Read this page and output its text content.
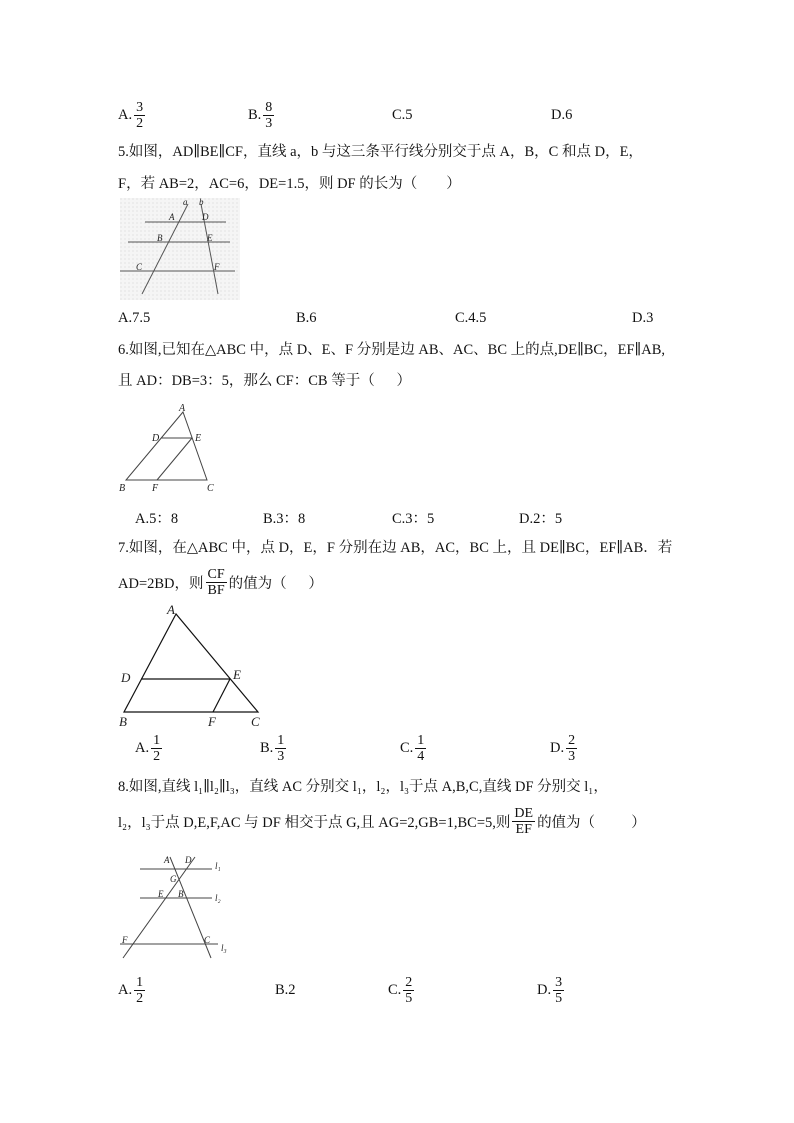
A. $\frac{3}{2}$	B. $\frac{8}{3}$	C.5	D.6
5.如图，AD∥BE∥CF，直线 a，b 与这三条平行线分别交于点 A，B，C 和点 D，E，
F，若 AB=2，AC=6，DE=1.5，则 DF 的长为（        ）
a b
A	D
B	E
C	F
A.7.5	B.6	C.4.5	D.3
6.如图,已知在△ABC 中，点 D、E、F 分别是边 AB、AC、BC 上的点,DE∥BC，EF∥AB,
且 AD：DB=3：5，那么 CF：CB 等于（      ）
A
D	E
B	F	C
A.5：8	B.3：8	C.3：5	D.2：5
7.如图，在△ABC 中，点 D，E，F 分别在边 AB，AC，BC 上，且 DE∥BC，EF∥AB．若
AD=2BD，则 $\frac{CF}{BF}$ 的值为（      ）
A
D	E
B	F	C
A. $\frac{1}{2}$	B. $\frac{1}{3}$	C. $\frac{1}{4}$	D. $\frac{2}{3}$
8.如图,直线 l₁∥l₂∥l₃，直线 AC 分别交 l₁，l₂，l₃于点 A,B,C,直线 DF 分别交 l₁，
l₂，l₃于点 D,E,F,AC 与 DF 相交于点 G,且 AG=2,GB=1,BC=5,则 $\frac{DE}{EF}$ 的值为（          ）
A D
l₁
G
E B	l₂
F	C
l₃
A. $\frac{1}{2}$	B.2	C. $\frac{2}{5}$	D. $\frac{3}{5}$
